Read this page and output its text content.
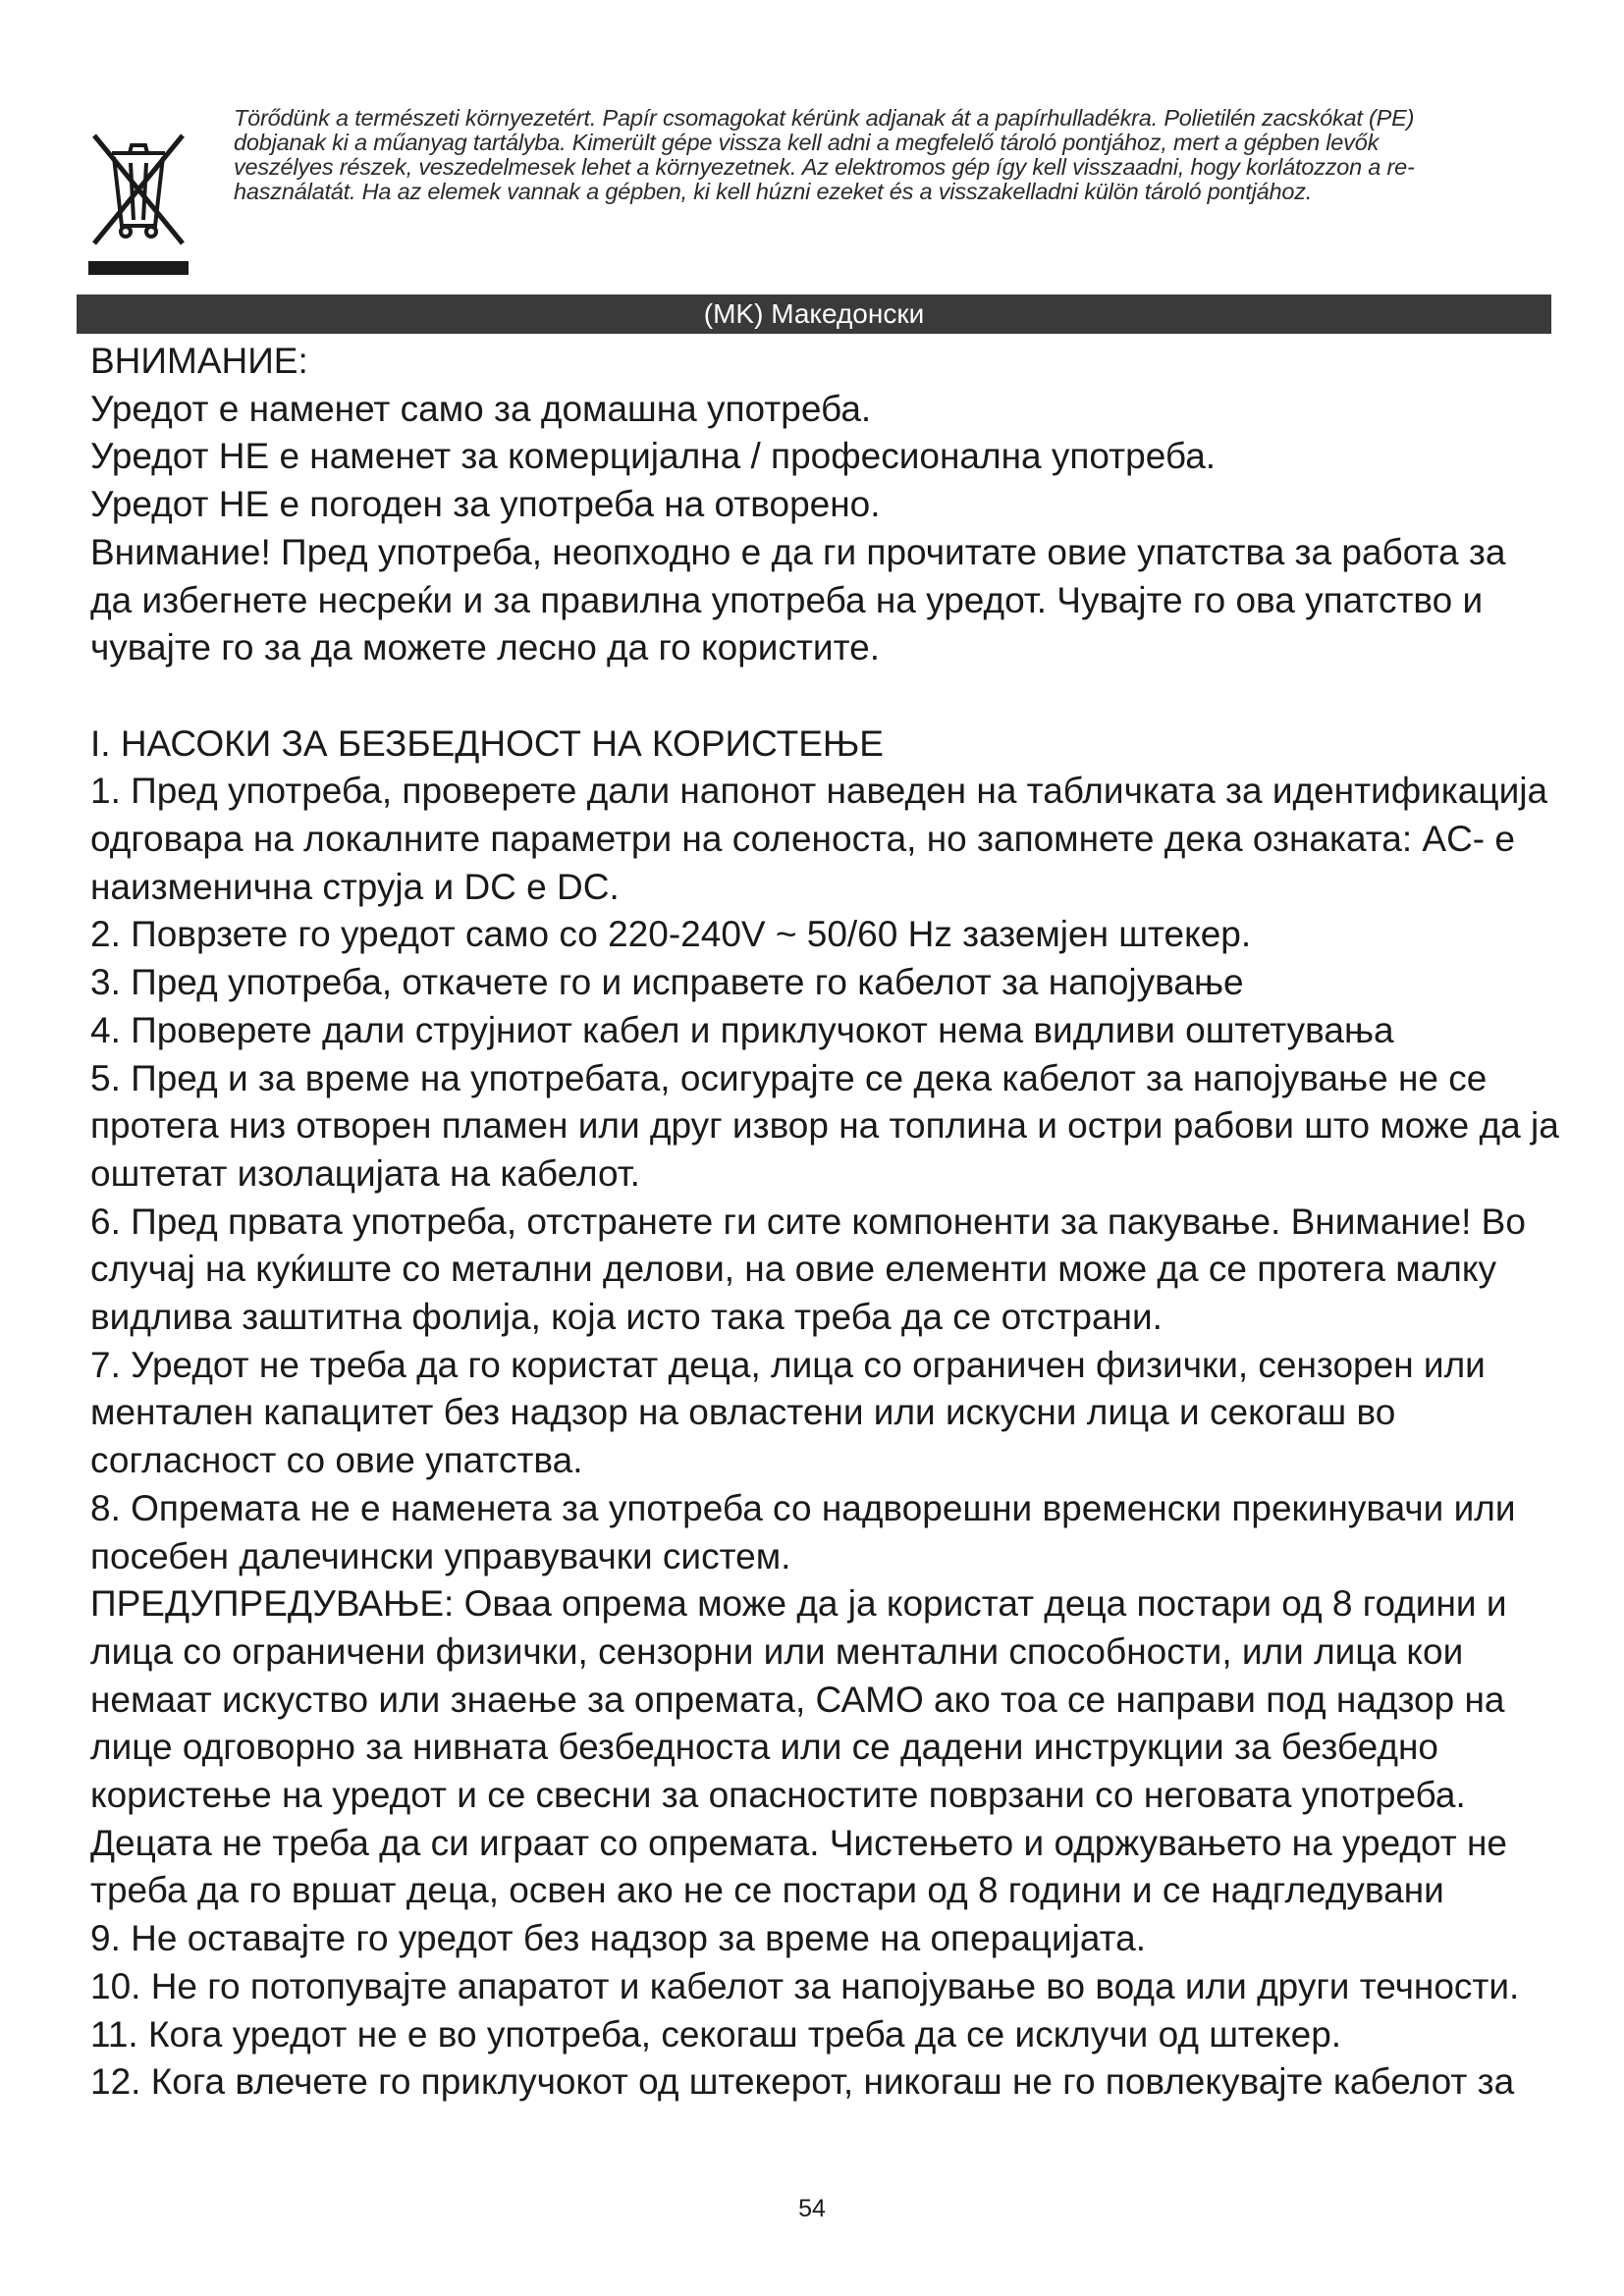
Törődünk a természeti környezetért. Papír csomagokat kérünk adjanak át a papírhulladékra. Polietilén zacskókat (PE)
dobjanak ki a műanyag tartályba. Kimerült gépe vissza kell adni a megfelelő tároló pontjához, mert a gépben levők
veszélyes részek, veszedelmesek lehet a környezetnek. Az elektromos gép így kell visszaadni, hogy korlátozzon a re-
használatát. Ha az elemek vannak a gépben, ki kell húzni ezeket és a visszakelladni külön tároló pontjához.
(MK) Македонски

ВНИМАНИЕ:

Уредот е наменет само за домашна употреба.

Уредот НЕ е наменет за комерцијална / професионална употреба.

Уредот НЕ е погоден за употреба на отворено.

Внимание! Пред употреба, неопходно е да ги прочитате овие упатства за работа за

да избегнете несреќи и за правилна употреба на уредот. Чувајте го ова упатство и

чувајте го за да можете лесно да го користите.

I. НАСОКИ ЗА БЕЗБЕДНОСТ НА КОРИСТЕЊЕ

1. Пред употреба, проверете дали напонот наведен на табличката за идентификација

одговара на локалните параметри на соленоста, но запомнете дека ознаката: AC- е

наизменична струја и DC е DC.

2. Поврзете го уредот само со 220-240V ~ 50/60 Hz заземјен штекер.

3. Пред употреба, откачете го и исправете го кабелот за напојување

4. Проверете дали струјниот кабел и приклучокот нема видливи оштетувања

5. Пред и за време на употребата, осигурајте се дека кабелот за напојување не се

протега низ отворен пламен или друг извор на топлина и остри рабови што може да ја

оштетат изолацијата на кабелот.

6. Пред првата употреба, отстранете ги сите компоненти за пакување. Внимание! Во

случај на куќиште со метални делови, на овие елементи може да се протега малку

видлива заштитна фолија, која исто така треба да се отстрани.

7. Уредот не треба да го користат деца, лица со ограничен физички, сензорен или

ментален капацитет без надзор на овластени или искусни лица и секогаш во

согласност со овие упатства.

8. Опремата не е наменета за употреба со надворешни временски прекинувачи или

посебен далечински управувачки систем.

ПРЕДУПРЕДУВАЊЕ: Оваа опрема може да ја користат деца постари од 8 години и

лица со ограничени физички, сензорни или ментални способности, или лица кои

немаат искуство или знаење за опремата, САМО ако тоа се направи под надзор на

лице одговорно за нивната безбедноста или се дадени инструкции за безбедно

користење на уредот и се свесни за опасностите поврзани со неговата употреба.

Децата не треба да си играат со опремата. Чистењето и одржувањето на уредот не

треба да го вршат деца, освен ако не се постари од 8 години и се надгледувани

9. Не оставајте го уредот без надзор за време на операцијата.

10. Не го потопувајте апаратот и кабелот за напојување во вода или други течности.

11. Кога уредот не е во употреба, секогаш треба да се исклучи од штекер.

12. Кога влечете го приклучокот од штекерот, никогаш не го повлекувајте кабелот за

54
